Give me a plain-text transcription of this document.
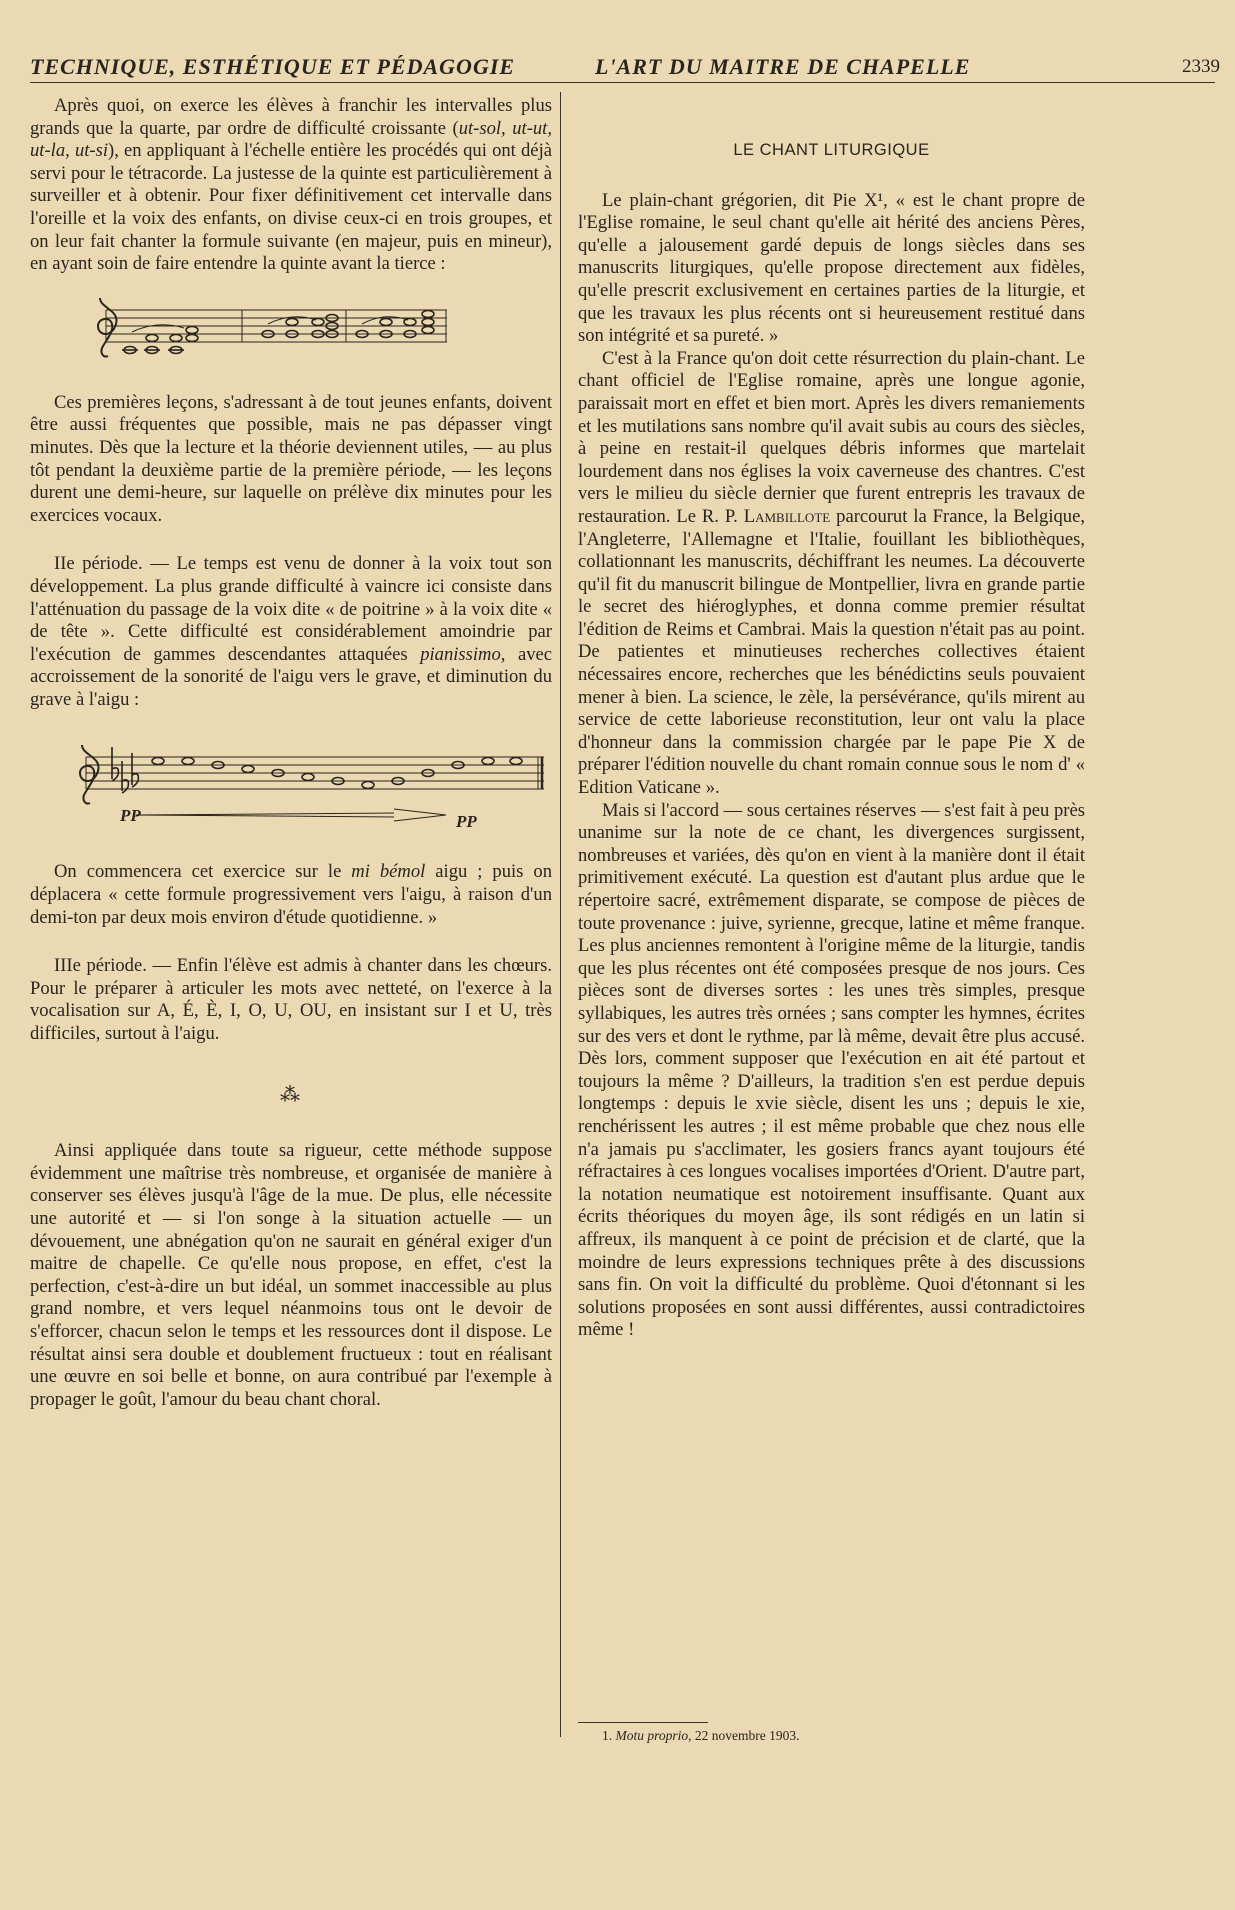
TECHNIQUE, ESTHÉTIQUE ET PÉDAGOGIE	L'ART DU MAITRE DE CHAPELLE	2339

Après quoi, on exerce les élèves à franchir les intervalles plus grands que la quarte, par ordre de difficulté croissante (ut-sol, ut-ut, ut-la, ut-si), en appliquant à l'échelle entière les procédés qui ont déjà servi pour le tétracorde. La justesse de la quinte est particulièrement à surveiller et à obtenir. Pour fixer définitivement cet intervalle dans l'oreille et la voix des enfants, on divise ceux-ci en trois groupes, et on leur fait chanter la formule suivante (en majeur, puis en mineur), en ayant soin de faire entendre la quinte avant la tierce :

Ces premières leçons, s'adressant à de tout jeunes enfants, doivent être aussi fréquentes que possible, mais ne pas dépasser vingt minutes. Dès que la lecture et la théorie deviennent utiles, — au plus tôt pendant la deuxième partie de la première période, — les leçons durent une demi-heure, sur laquelle on prélève dix minutes pour les exercices vocaux.

IIe période. — Le temps est venu de donner à la voix tout son développement. La plus grande difficulté à vaincre ici consiste dans l'atténuation du passage de la voix dite « de poitrine » à la voix dite « de tête ». Cette difficulté est considérablement amoindrie par l'exécution de gammes descendantes attaquées pianissimo, avec accroissement de la sonorité de l'aigu vers le grave, et diminution du grave à l'aigu :

PP	PP

On commencera cet exercice sur le mi bémol aigu ; puis on déplacera « cette formule progressivement vers l'aigu, à raison d'un demi-ton par deux mois environ d'étude quotidienne. »

IIIe période. — Enfin l'élève est admis à chanter dans les chœurs. Pour le préparer à articuler les mots avec netteté, on l'exerce à la vocalisation sur A, É, È, I, O, U, OU, en insistant sur I et U, très difficiles, surtout à l'aigu.

⁂

Ainsi appliquée dans toute sa rigueur, cette méthode suppose évidemment une maîtrise très nombreuse, et organisée de manière à conserver ses élèves jusqu'à l'âge de la mue. De plus, elle nécessite une autorité et — si l'on songe à la situation actuelle — un dévouement, une abnégation qu'on ne saurait en général exiger d'un maitre de chapelle. Ce qu'elle nous propose, en effet, c'est la perfection, c'est-à-dire un but idéal, un sommet inaccessible au plus grand nombre, et vers lequel néanmoins tous ont le devoir de s'efforcer, chacun selon le temps et les ressources dont il dispose. Le résultat ainsi sera double et doublement fructueux : tout en réalisant une œuvre en soi belle et bonne, on aura contribué par l'exemple à propager le goût, l'amour du beau chant choral.

LE CHANT LITURGIQUE

Le plain-chant grégorien, dit Pie X¹, « est le chant propre de l'Eglise romaine, le seul chant qu'elle ait hérité des anciens Pères, qu'elle a jalousement gardé depuis de longs siècles dans ses manuscrits liturgiques, qu'elle propose directement aux fidèles, qu'elle prescrit exclusivement en certaines parties de la liturgie, et que les travaux les plus récents ont si heureusement restitué dans son intégrité et sa pureté. »

C'est à la France qu'on doit cette résurrection du plain-chant. Le chant officiel de l'Eglise romaine, après une longue agonie, paraissait mort en effet et bien mort. Après les divers remaniements et les mutilations sans nombre qu'il avait subis au cours des siècles, à peine en restait-il quelques débris informes que martelait lourdement dans nos églises la voix caverneuse des chantres. C'est vers le milieu du siècle dernier que furent entrepris les travaux de restauration. Le R. P. Lambillote parcourut la France, la Belgique, l'Angleterre, l'Allemagne et l'Italie, fouillant les bibliothèques, collationnant les manuscrits, déchiffrant les neumes. La découverte qu'il fit du manuscrit bilingue de Montpellier, livra en grande partie le secret des hiéroglyphes, et donna comme premier résultat l'édition de Reims et Cambrai. Mais la question n'était pas au point. De patientes et minutieuses recherches collectives étaient nécessaires encore, recherches que les bénédictins seuls pouvaient mener à bien. La science, le zèle, la persévérance, qu'ils mirent au service de cette laborieuse reconstitution, leur ont valu la place d'honneur dans la commission chargée par le pape Pie X de préparer l'édition nouvelle du chant romain connue sous le nom d' « Edition Vaticane ».

Mais si l'accord — sous certaines réserves — s'est fait à peu près unanime sur la note de ce chant, les divergences surgissent, nombreuses et variées, dès qu'on en vient à la manière dont il était primitivement exécuté. La question est d'autant plus ardue que le répertoire sacré, extrêmement disparate, se compose de pièces de toute provenance : juive, syrienne, grecque, latine et même franque. Les plus anciennes remontent à l'origine même de la liturgie, tandis que les plus récentes ont été composées presque de nos jours. Ces pièces sont de diverses sortes : les unes très simples, presque syllabiques, les autres très ornées ; sans compter les hymnes, écrites sur des vers et dont le rythme, par là même, devait être plus accusé. Dès lors, comment supposer que l'exécution en ait été partout et toujours la même ? D'ailleurs, la tradition s'en est perdue depuis longtemps : depuis le xvie siècle, disent les uns ; depuis le xie, renchérissent les autres ; il est même probable que chez nous elle n'a jamais pu s'acclimater, les gosiers francs ayant toujours été réfractaires à ces longues vocalises importées d'Orient. D'autre part, la notation neumatique est notoirement insuffisante. Quant aux écrits théoriques du moyen âge, ils sont rédigés en un latin si affreux, ils manquent à ce point de précision et de clarté, que la moindre de leurs expressions techniques prête à des discussions sans fin. On voit la difficulté du problème. Quoi d'étonnant si les solutions proposées en sont aussi différentes, aussi contradictoires même !

1. Motu proprio, 22 novembre 1903.
